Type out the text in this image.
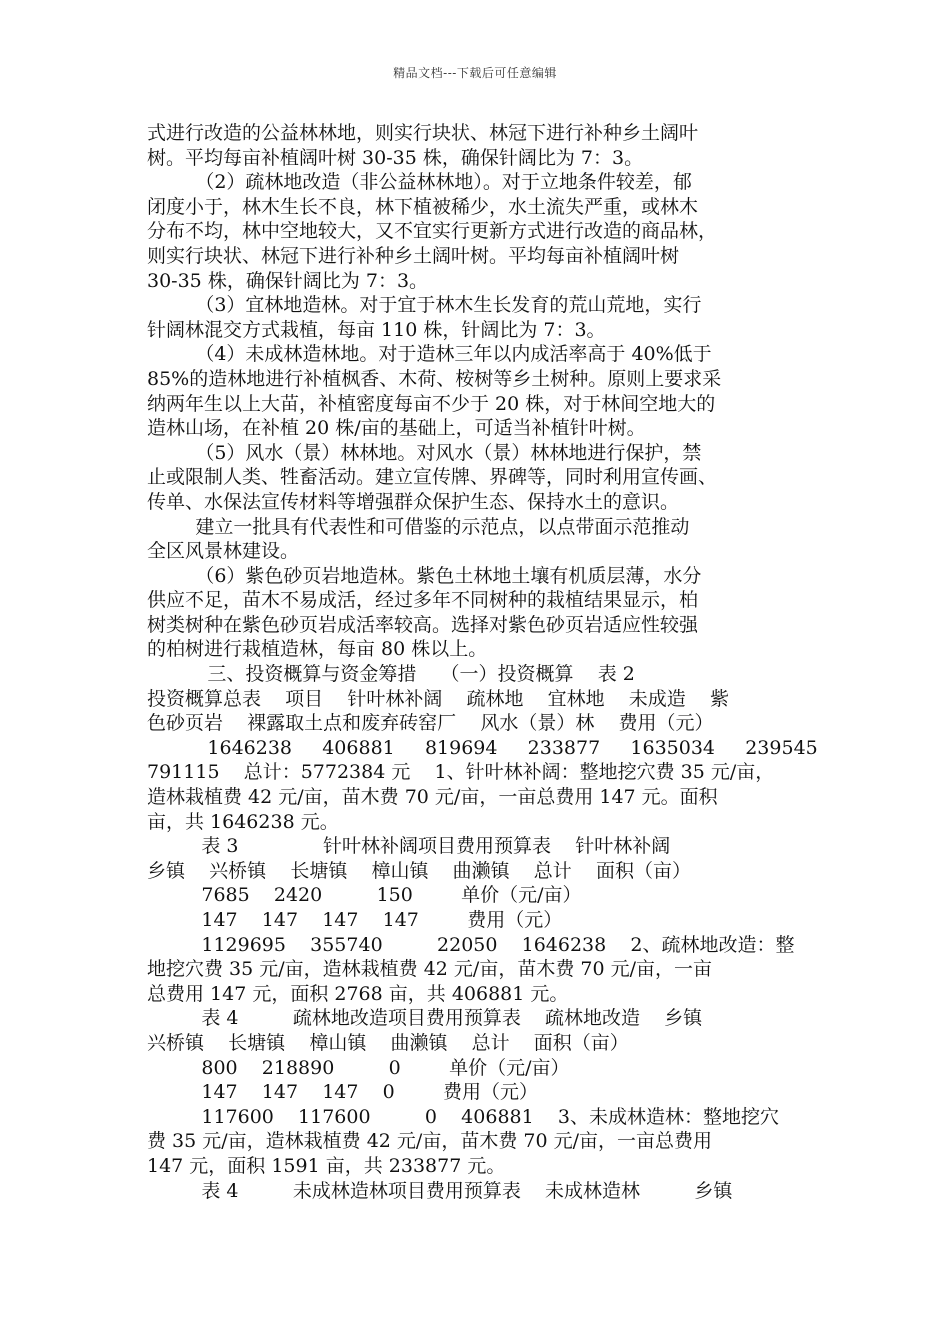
精品文档---下载后可任意编辑
式进行改造的公益林林地，则实行块状、林冠下进行补种乡土阔叶
树。平均每亩补植阔叶树 30-35 株，确保针阔比为 7：3。
（2）疏林地改造（非公益林林地）。对于立地条件较差，郁
闭度小于，林木生长不良，林下植被稀少，水土流失严重，或林木
分布不均，林中空地较大，又不宜实行更新方式进行改造的商品林，
则实行块状、林冠下进行补种乡土阔叶树。平均每亩补植阔叶树
30-35 株，确保针阔比为 7：3。
（3）宜林地造林。对于宜于林木生长发育的荒山荒地，实行
针阔林混交方式栽植，每亩 110 株，针阔比为 7：3。
（4）未成林造林地。对于造林三年以内成活率高于 40%低于
85%的造林地进行补植枫香、木荷、桉树等乡土树种。原则上要求采
纳两年生以上大苗，补植密度每亩不少于 20 株，对于林间空地大的
造林山场，在补植 20 株/亩的基础上，可适当补植针叶树。
（5）风水（景）林林地。对风水（景）林林地进行保护，禁
止或限制人类、牲畜活动。建立宣传牌、界碑等，同时利用宣传画、
传单、水保法宣传材料等增强群众保护生态、保持水土的意识。
建立一批具有代表性和可借鉴的示范点，以点带面示范推动
全区风景林建设。
（6）紫色砂页岩地造林。紫色土林地土壤有机质层薄，水分
供应不足，苗木不易成活，经过多年不同树种的栽植结果显示，柏
树类树种在紫色砂页岩成活率较高。选择对紫色砂页岩适应性较强
的柏树进行栽植造林，每亩 80 株以上。
三、投资概算与资金筹措    （一）投资概算    表 2
投资概算总表    项目    针叶林补阔    疏林地    宜林地    未成造    紫
色砂页岩    裸露取土点和废弃砖窑厂    风水（景）林    费用（元）
1646238     406881     819694     233877     1635034     239545
791115    总计：5772384 元    1、针叶林补阔：整地挖穴费 35 元/亩，
造林栽植费 42 元/亩，苗木费 70 元/亩，一亩总费用 147 元。面积
亩，共 1646238 元。
表 3              针叶林补阔项目费用预算表    针叶林补阔
乡镇    兴桥镇    长塘镇    樟山镇    曲濑镇    总计    面积（亩）
7685    2420         150        单价（元/亩）
147    147    147    147        费用（元）
1129695    355740         22050    1646238    2、疏林地改造：整
地挖穴费 35 元/亩，造林栽植费 42 元/亩，苗木费 70 元/亩，一亩
总费用 147 元，面积 2768 亩，共 406881 元。
表 4         疏林地改造项目费用预算表    疏林地改造    乡镇
兴桥镇    长塘镇    樟山镇    曲濑镇    总计    面积（亩）
800    218890         0        单价（元/亩）
147    147    147    0        费用（元）
117600    117600         0    406881    3、未成林造林：整地挖穴
费 35 元/亩，造林栽植费 42 元/亩，苗木费 70 元/亩，一亩总费用
147 元，面积 1591 亩，共 233877 元。
表 4         未成林造林项目费用预算表    未成林造林         乡镇
